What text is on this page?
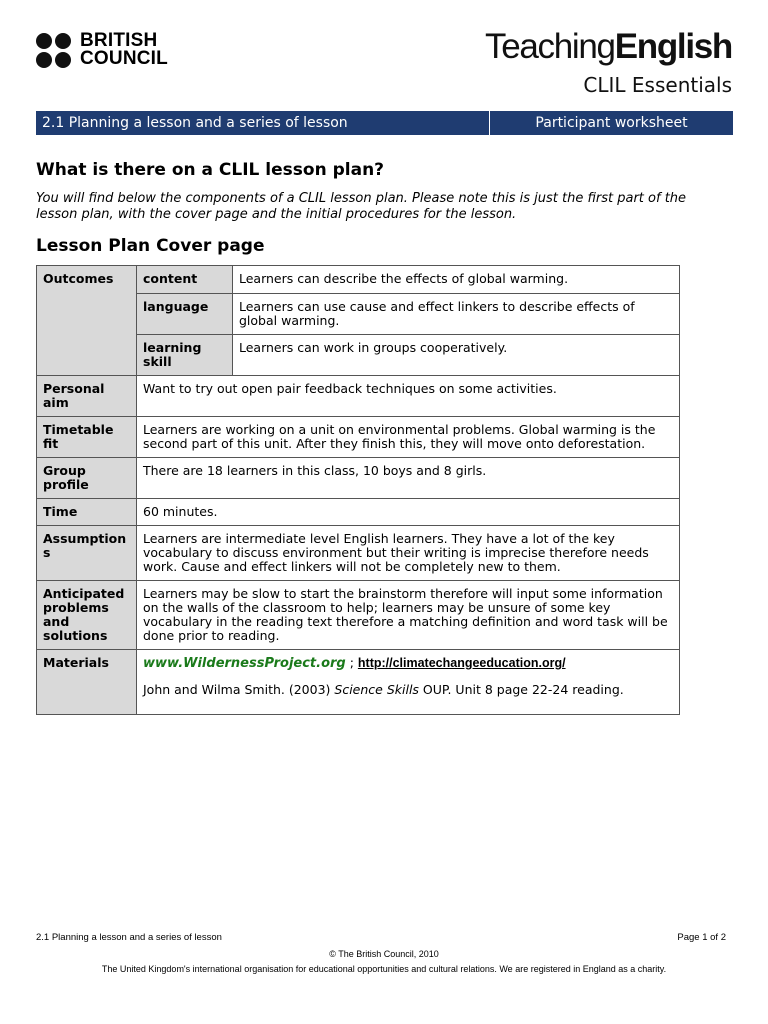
BRITISH
COUNCIL	TeachingEnglish
CLIL Essentials
2.1 Planning a lesson and a series of lesson	Participant worksheet
What is there on a CLIL lesson plan?
You will find below the components of a CLIL lesson plan. Please note this is just the first part of the lesson plan, with the cover page and the initial procedures for the lesson.
Lesson Plan Cover page
Outcomes	content	Learners can describe the effects of global warming.
	language	Learners can use cause and effect linkers to describe effects of global warming.
	learning skill	Learners can work in groups cooperatively.
Personal aim	Want to try out open pair feedback techniques on some activities.	
Timetable fit	Learners are working on a unit on environmental problems. Global warming is the second part of this unit. After they finish this, they will move onto deforestation.	
Group profile	There are 18 learners in this class, 10 boys and 8 girls.	
Time	60 minutes.	
Assumptions	Learners are intermediate level English learners. They have a lot of the key vocabulary to discuss environment but their writing is imprecise therefore needs work. Cause and effect linkers will not be completely new to them.	
Anticipated problems and solutions	Learners may be slow to start the brainstorm therefore will input some information on the walls of the classroom to help; learners may be unsure of some key vocabulary in the reading text therefore a matching definition and word task will be done prior to reading.	
Materials	www.WildernessProject.org ; http://climatechangeeducation.org/
John and Wilma Smith. (2003) Science Skills OUP. Unit 8 page 22-24 reading.	
2.1 Planning a lesson and a series of lesson	Page 1 of 2
© The British Council, 2010
The United Kingdom's international organisation for educational opportunities and cultural relations. We are registered in England as a charity.
